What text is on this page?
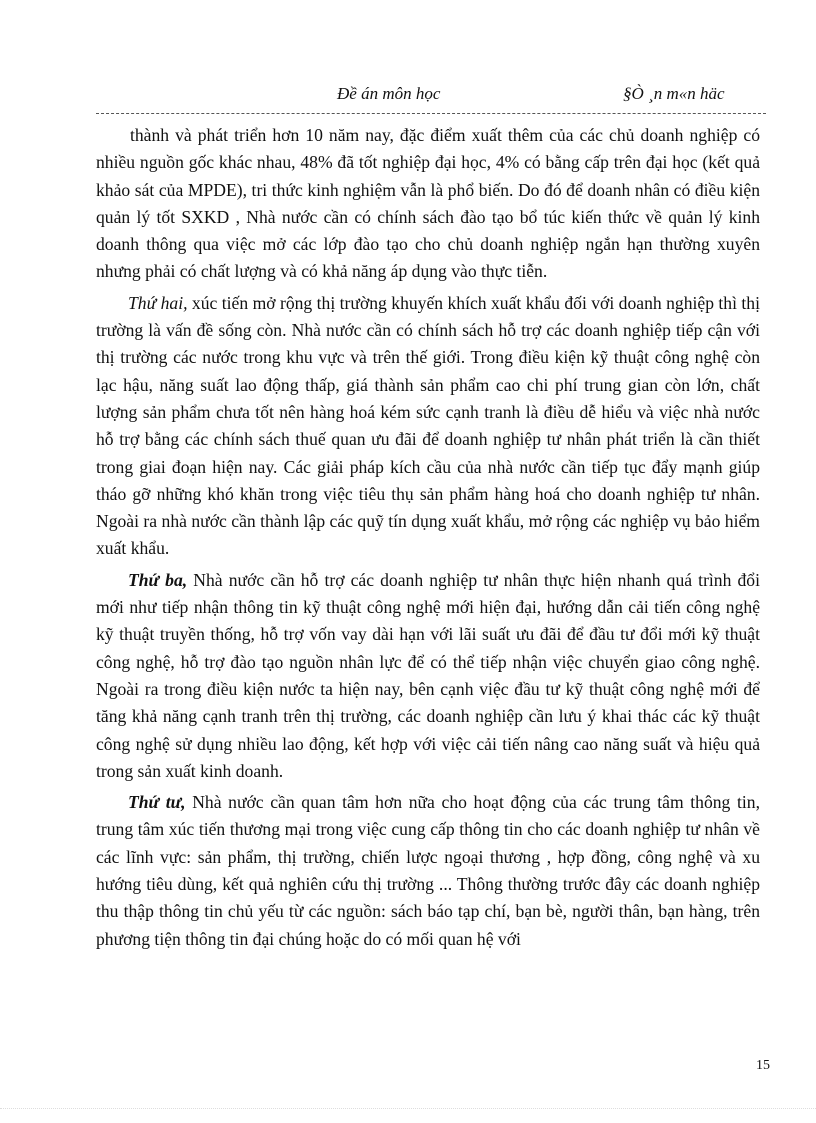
Đề án môn học	§Ò ¸n m«n häc

thành và phát triển hơn 10 năm nay, đặc điểm xuất thêm của các chủ doanh nghiệp có nhiều nguồn gốc khác nhau, 48% đã tốt nghiệp đại học, 4% có bằng cấp trên đại học (kết quả khảo sát của MPDE), tri thức kinh nghiệm vẫn là phổ biến. Do đó để doanh nhân có điều kiện quản lý tốt SXKD , Nhà nước cần có chính sách đào tạo bổ túc kiến thức về quản lý kinh doanh thông qua việc mở các lớp đào tạo cho chủ doanh nghiệp ngắn hạn thường xuyên nhưng phải có chất lượng và có khả năng áp dụng vào thực tiễn.

Thứ hai, xúc tiến mở rộng thị trường khuyến khích xuất khẩu đối với doanh nghiệp thì thị trường là vấn đề sống còn. Nhà nước cần có chính sách hỗ trợ các doanh nghiệp tiếp cận với thị trường các nước trong khu vực và trên thế giới. Trong điều kiện kỹ thuật công nghệ còn lạc hậu, năng suất lao động thấp, giá thành sản phẩm cao chi phí trung gian còn lớn, chất lượng sản phẩm chưa tốt nên hàng hoá kém sức cạnh tranh là điều dễ hiểu và việc nhà nước hỗ trợ bằng các chính sách thuế quan ưu đãi để doanh nghiệp tư nhân phát triển là cần thiết trong giai đoạn hiện nay. Các giải pháp kích cầu của nhà nước cần tiếp tục đẩy mạnh giúp tháo gỡ những khó khăn trong việc tiêu thụ sản phẩm hàng hoá cho doanh nghiệp tư nhân. Ngoài ra nhà nước cần thành lập các quỹ tín dụng xuất khẩu, mở rộng các nghiệp vụ bảo hiểm xuất khẩu.

Thứ ba, Nhà nước cần hỗ trợ các doanh nghiệp tư nhân thực hiện nhanh quá trình đổi mới như tiếp nhận thông tin kỹ thuật công nghệ mới hiện đại, hướng dẫn cải tiến công nghệ kỹ thuật truyền thống, hỗ trợ vốn vay dài hạn với lãi suất ưu đãi để đầu tư đổi mới kỹ thuật công nghệ, hỗ trợ đào tạo nguồn nhân lực để có thể tiếp nhận việc chuyển giao công nghệ. Ngoài ra trong điều kiện nước ta hiện nay, bên cạnh việc đầu tư kỹ thuật công nghệ mới để tăng khả năng cạnh tranh trên thị trường, các doanh nghiệp cần lưu ý khai thác các kỹ thuật công nghệ sử dụng nhiều lao động, kết hợp với việc cải tiến nâng cao năng suất và hiệu quả trong sản xuất kinh doanh.

Thứ tư, Nhà nước cần quan tâm hơn nữa cho hoạt động của các trung tâm thông tin, trung tâm xúc tiến thương mại trong việc cung cấp thông tin cho các doanh nghiệp tư nhân về các lĩnh vực: sản phẩm, thị trường, chiến lược ngoại thương , hợp đồng, công nghệ và xu hướng tiêu dùng, kết quả nghiên cứu thị trường ... Thông thường trước đây các doanh nghiệp thu thập thông tin chủ yếu từ các nguồn: sách báo tạp chí, bạn bè, người thân, bạn hàng, trên phương tiện thông tin đại chúng hoặc do có mối quan hệ với

15
